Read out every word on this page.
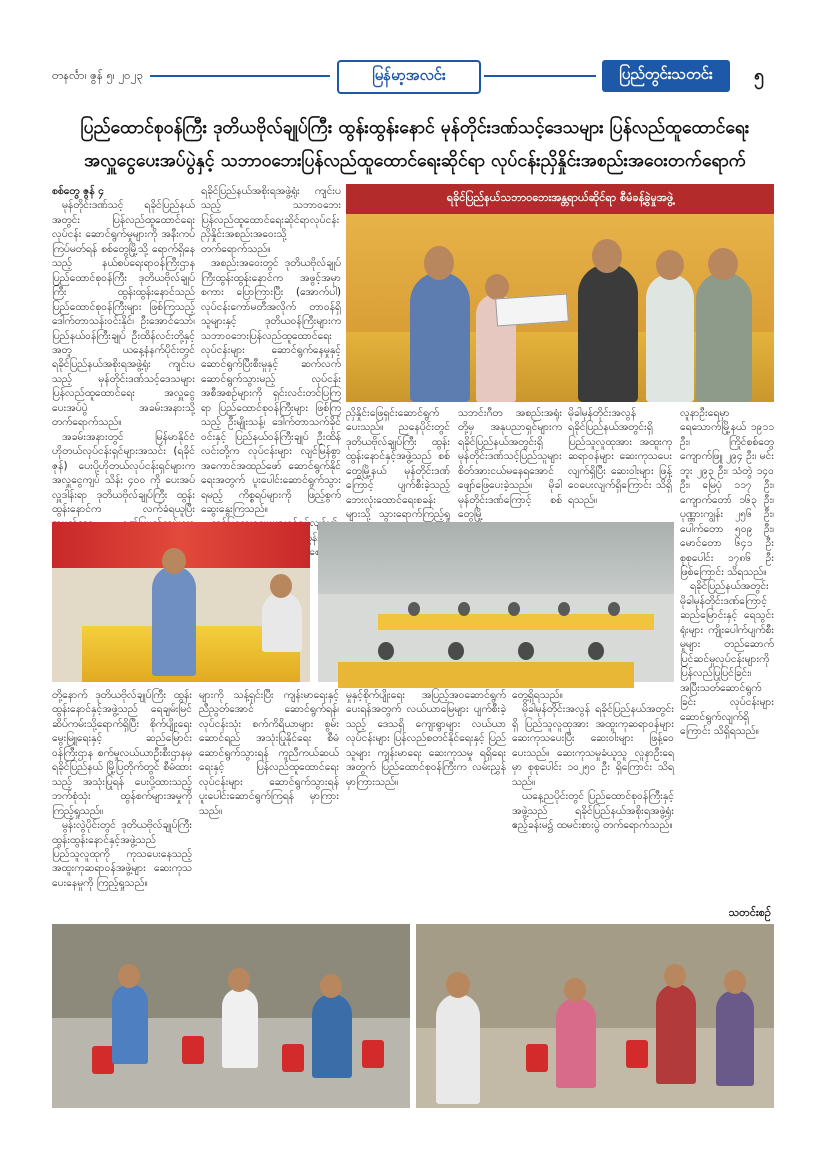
တနင်္လာ၊ ဇွန် ၅၊ ၂၀၂၃	မြန်မာ့အလင်း	ပြည်တွင်းသတင်း	၅
ပြည်ထောင်စုဝန်ကြီး ဒုတိယဗိုလ်ချုပ်ကြီး ထွန်းထွန်းနောင် မုန်တိုင်းဒဏ်သင့်ဒေသများ ပြန်လည်ထူထောင်ရေး
အလှူငွေပေးအပ်ပွဲနှင့် သဘာဝဘေးပြန်လည်ထူထောင်ရေးဆိုင်ရာ လုပ်ငန်းညှိနှိုင်းအစည်းအဝေးတက်ရောက်

စစ်တွေ ဇွန် ၄

မုန်တိုင်းဒဏ်သင့် ရခိုင်ပြည်နယ်အတွင်း ပြန်လည်ထူထောင်ရေးလုပ်ငန်း ဆောင်ရွက်မှုများကို အနီးကပ်ကြပ်မတ်ရန် စစ်တွေမြို့သို့ ရောက်ရှိနေသည့် နယ်စပ်ရေးရာဝန်ကြီးဌာန ပြည်ထောင်စုဝန်ကြီး ဒုတိယဗိုလ်ချုပ်ကြီး ထွန်းထွန်းနောင်သည် ပြည်ထောင်စုဝန်ကြီးများ ဖြစ်ကြသည့် ဒေါက်တာသန်းဝင်းနိုင်၊ ဦးအောင်သော်၊ ပြည်နယ်ဝန်ကြီးချုပ် ဦးထိန်လင်းတို့နှင့်အတူ ယနေ့နံနက်ပိုင်းတွင် ရခိုင်ပြည်နယ်အစိုးရအဖွဲ့ရုံး ကျင်းပသည့် မုန်တိုင်းဒဏ်သင့်ဒေသများ ပြန်လည်ထူထောင်ရေး အလှူငွေပေးအပ်ပွဲ အခမ်းအနားသို့ တက်ရောက်သည်။

အခမ်းအနားတွင် မြန်မာနိုင်ငံဟိုတယ်လုပ်ငန်းရှင်များအသင်း (ရခိုင်ဇုန်) ပေးပို့ဟိုတယ်လုပ်ငန်းရှင်များက အလှူငွေကျပ် သိန်း ၄၀၀ ကို ပေးအပ်လှူဒါန်းရာ ဒုတိယဗိုလ်ချုပ်ကြီး ထွန်းထွန်းနောင်က လက်ခံရယူပြီး

ရခိုင်ပြည်နယ်အစိုးရအဖွဲ့ရုံး ကျင်းပသည့် သဘာဝဘေးပြန်လည်ထူထောင်ရေးဆိုင်ရာလုပ်ငန်းညှိနှိုင်းအစည်းအဝေးသို့ တက်ရောက်သည်။

အစည်းအဝေးတွင် ဒုတိယဗိုလ်ချုပ်ကြီးထွန်းထွန်းနောင်က အဖွင့်အမှာစကား ပြောကြားပြီး (အောက်ပါ) လုပ်ငန်းကော်မတီအလိုက် တာဝန်ရှိသူများနှင့် ဒုတိယဝန်ကြီးများက သဘာဝဘေးပြန်လည်ထူထောင်ရေးလုပ်ငန်းများ ဆောင်ရွက်နေမှုနှင့် ဆောင်ရွက်ပြီးစီးမှုနှင့် ဆက်လက် ဆောင်ရွက်သွားမည့် လုပ်ငန်းအစီအစဉ်များကို ရှင်းလင်းတင်ပြကြရာ ပြည်ထောင်စုဝန်ကြီးများ ဖြစ်ကြသည့် ဦးမျိုးသန့်၊ ဒေါက်တာသက်ခိုင်ဝင်းနှင့် ပြည်နယ်ဝန်ကြီးချုပ် ဦးထိန်လင်းတို့က လုပ်ငန်းများ လျင်မြန်စွာအကောင်အထည်ဖော် ဆောင်ရွက်နိုင်ရေးအတွက် ပူးပေါင်းဆောင်ရွက်သွားရမည့် ကိစ္စရပ်များကို ဖြည့်စွက်ဆွေးနွေးကြသည်။

န်

ရခိုင်ပြည်နယ်သဘာဝဘေးအန္တရာယ်ဆိုင်ရာ စီမံခန့်ခွဲမှုအဖွဲ့

ညှိနှိုင်းဖြေရှင်းဆောင်ရွက်ပေးသည်။ ညနေပိုင်းတွင် ဒုတိယဗိုလ်ချုပ်ကြီး ထွန်းထွန်းနောင်နှင့်အဖွဲ့သည် စစ်တွေမြို့နယ် မုန်တိုင်းဒဏ်ကြောင့် ပျက်စီးခဲ့သည့် ဘေးလုံးထောင်ရေးစခန်းများသို့ သွားရောက်ကြည့်ရှု

သဘင်းဂီတ အစည်းအရုံးတို့မှ အနုပညာရှင်များက ရခိုင်ပြည်နယ်အတွင်းရှိ မုန်တိုင်းဒဏ်သင့်ပြည်သူများ စိတ်အားငယ်မနေရအောင် ဖျော်ဖြေပေးခဲ့သည်။ မိုခါမုန်တိုင်းဒဏ်ကြောင့် စစ်တွေမြို့

မိုခါမုန်တိုင်းအလွန် ရခိုင်ပြည်နယ်အတွင်းရှိ ပြည်သူလူထုအား အထူးကုဆရာဝန်များ ဆေးကုသပေးလျက်ရှိပြီး ဆေးဝါးများ ဖြန့်ဝေပေးလျက်ရှိကြောင်း သိရှိရသည်။

လူနာဦးရေမှာ ရေသောက်မြို့နယ် ၁၉၁၁ ဦး၊ ကြိုင်စစ်တွေ ကျောက်ဖြူ ၂၉၄ ဦး၊ မင်းဘူး ၂၉၃ ဦး၊ သံတွဲ ၁၄၀ ဦး၊ မြေပုံ ၁၁၇ ဦး၊ ကျောက်တော် ၁၆၃ ဦး၊ ပုဏ္ဏားကျွန်း ၂၅၆ ဦး၊ ပေါက်တော ၅၀၉ ဦး၊ မောင်တော ၆၄၁ ဦး စုစုပေါင်း ၁၇၈၆ ဦး ဖြစ်ကြောင်း သိရသည်။

ရခိုင်ပြည်နယ်အတွင်း မိုခါမုန်တိုင်းဒဏ်ကြောင့် ဆည်မြောင်းနှင့် ရေသွင်းရုံးများ ကျိုးပေါက်ပျက်စီးမှုများ တည်ဆောက်ပြင်ဆင်မှုလုပ်ငန်းများကို ပြန်လည်ပြုပြင်ခြင်း၊ အပြီးသတ်ဆောင်ရွက်ခြင်း လုပ်ငန်းများ ဆောင်ရွက်လျက်ရှိကြောင်း သိရှိရသည်။

တို့နောက် ဒုတိယဗိုလ်ချုပ်ကြီး ထွန်းထွန်းနောင်နှင့်အဖွဲ့သည် ရေချမ်းမြင်ဆိပ်ကမ်းသို့ရောက်ရှိပြီး စိုက်ပျိုးရေး မွေးမြူရေးနှင့် ဆည်မြောင်းဝန်ကြီးဌာန စက်မှုလယ်ယာဦးစီးဌာနမှ ရခိုင်ပြည်နယ် မြို့ပြတိုက်တွင် စီမံထားသည့် အသုံးပြုရန် ပေးပို့ထားသည့် ဘက်စုံသုံး ထွန်စက်များအမှုကို ကြည့်ရှုသည်။

မွန်းလွဲပိုင်းတွင် ဒုတိယဗိုလ်ချုပ်ကြီး ထွန်းထွန်းနောင်နှင့်အဖွဲ့သည် ပြည်သူလူထုကို ကုသပေးနေသည့် အထူးကုဆရာဝန်အဖွဲ့များ ဆေးကုသပေးနေမှုကို ကြည့်ရှုသည်။

များကို သန့်ရှင်းပြီး ကျန်းမာရေးနှင့်ညီညွတ်အောင် ဆောင်ရွက်ရန်၊ လုပ်ငန်းသုံး စက်ကိရိယာများ စွမ်းဆောင်ရည် အသုံးပြုနိုင်ရေး စီမံဆောင်ရွက်သွားရန် ကူညီကယ်ဆယ်ရေးနှင့် ပြန်လည်ထူထောင်ရေးလုပ်ငန်းများ ဆောင်ရွက်သွားရန် ပူးပေါင်းဆောင်ရွက်ကြရန် မှာကြားသည်။

မှုနှင့်စိုက်ပျိုးရေး အပြည့်အဝဆောင်ရွက်ပေးရန်အတွက် လယ်ယာမြေများ ပျက်စီးခဲ့သည့် ဒေသရှိ ကျေးရွာများ လယ်ယာလုပ်ငန်းများ ပြန်လည်စတင်နိုင်ရေးနှင့် ပြည်သူများ ကျန်းမာရေး ဆေးကုသမှု ရရှိရေးအတွက် ပြည်ထောင်စုဝန်ကြီးက လမ်းညွှန်မှာကြားသည်။

တွေ့ရှိရသည်။

မိုခါမုန်တိုင်းအလွန် ရခိုင်ပြည်နယ်အတွင်းရှိ ပြည်သူလူထုအား အထူးကုဆရာဝန်များ ဆေးကုသပေးပြီး ဆေးဝါးများ ဖြန့်ဝေပေးသည်။ ဆေးကုသမှုခံယူသူ လူနာဦးရေမှာ စုစုပေါင်း ၁၀၂၅၀ ဦး ရှိကြောင်း သိရသည်။

ယနေ့ညပိုင်းတွင် ပြည်ထောင်စုဝန်ကြီးနှင့်အဖွဲ့သည် ရခိုင်ပြည်နယ်အစိုးရအဖွဲ့ရုံး ဧည့်ခန်းမ၌ ထမင်းစားပွဲ တက်ရောက်သည်။

သတင်းစဉ်
